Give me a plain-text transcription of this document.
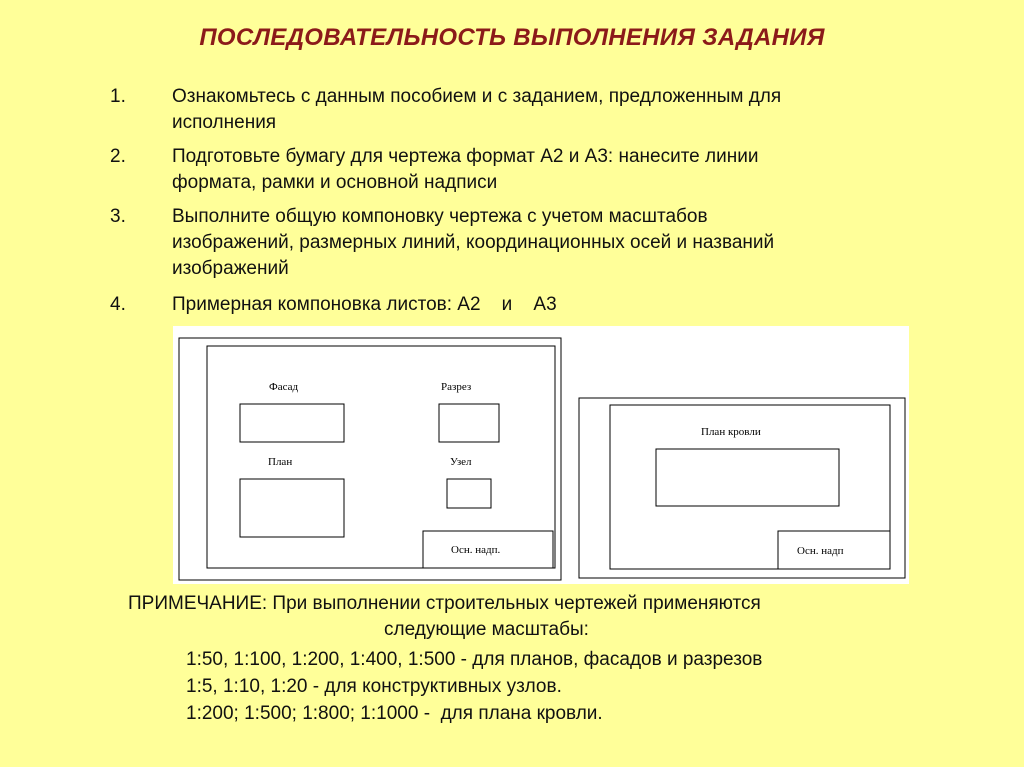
ПОСЛЕДОВАТЕЛЬНОСТЬ ВЫПОЛНЕНИЯ ЗАДАНИЯ
1.	Ознакомьтесь с данным пособием и с заданием, предложенным для
исполнения
2.	Подготовьте бумагу для чертежа формат А2 и А3: нанесите линии
формата, рамки и основной надписи
3.	Выполните общую компоновку чертежа с учетом масштабов
изображений, размерных линий, координационных осей и названий
изображений
4.	Примерная компоновка листов: А2    и    А3
Фасад	Разрез
План	Узел
Осн. надп.
План кровли
Осн. надп
ПРИМЕЧАНИЕ: При выполнении строительных чертежей применяются
следующие масштабы:
1:50, 1:100, 1:200, 1:400, 1:500 - для планов, фасадов и разрезов
1:5, 1:10, 1:20 - для конструктивных узлов.
1:200; 1:500; 1:800; 1:1000 -  для плана кровли.
